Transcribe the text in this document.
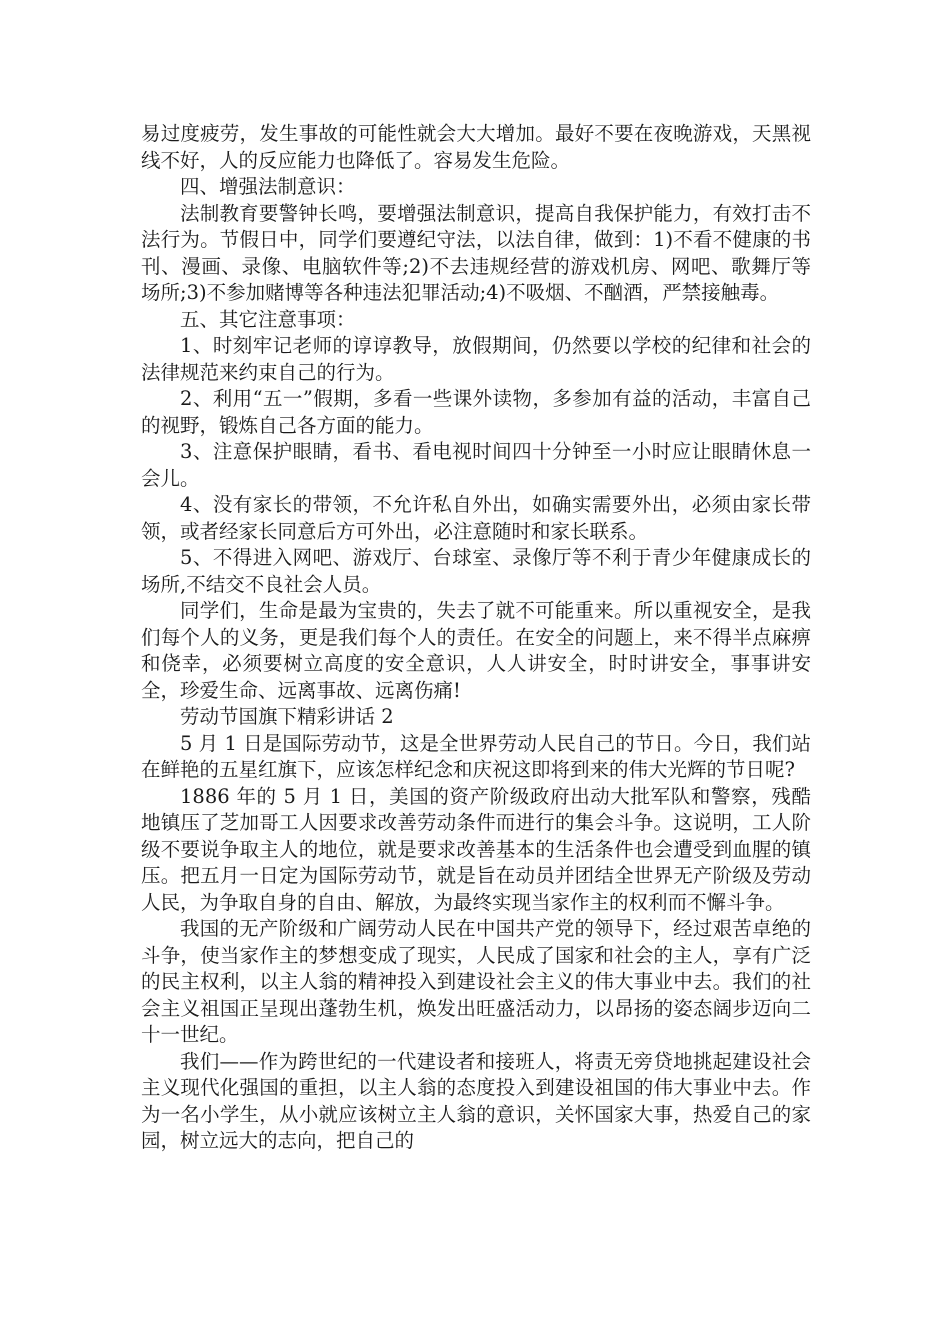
易过度疲劳，发生事故的可能性就会大大增加。最好不要在夜晚游戏，天黑视线不好，人的反应能力也降低了。容易发生危险。

四、增强法制意识：

法制教育要警钟长鸣，要增强法制意识，提高自我保护能力，有效打击不法行为。节假日中，同学们要遵纪守法，以法自律，做到：1)不看不健康的书刊、漫画、录像、电脑软件等;2)不去违规经营的游戏机房、网吧、歌舞厅等场所;3)不参加赌博等各种违法犯罪活动;4)不吸烟、不酗酒，严禁接触毒。

五、其它注意事项：

1、时刻牢记老师的谆谆教导，放假期间，仍然要以学校的纪律和社会的法律规范来约束自己的行为。

2、利用“五一”假期，多看一些课外读物，多参加有益的活动，丰富自己的视野，锻炼自己各方面的能力。

3、注意保护眼睛，看书、看电视时间四十分钟至一小时应让眼睛休息一会儿。

4、没有家长的带领，不允许私自外出，如确实需要外出，必须由家长带领，或者经家长同意后方可外出，必注意随时和家长联系。

5、不得进入网吧、游戏厅、台球室、录像厅等不利于青少年健康成长的场所,不结交不良社会人员。

同学们，生命是最为宝贵的，失去了就不可能重来。所以重视安全，是我们每个人的义务，更是我们每个人的责任。在安全的问题上，来不得半点麻痹和侥幸，必须要树立高度的安全意识，人人讲安全，时时讲安全，事事讲安全，珍爱生命、远离事故、远离伤痛!

劳动节国旗下精彩讲话 2

5 月 1 日是国际劳动节，这是全世界劳动人民自己的节日。今日，我们站在鲜艳的五星红旗下，应该怎样纪念和庆祝这即将到来的伟大光辉的节日呢?

1886 年的 5 月 1 日，美国的资产阶级政府出动大批军队和警察，残酷地镇压了芝加哥工人因要求改善劳动条件而进行的集会斗争。这说明，工人阶级不要说争取主人的地位，就是要求改善基本的生活条件也会遭受到血腥的镇压。把五月一日定为国际劳动节，就是旨在动员并团结全世界无产阶级及劳动人民，为争取自身的自由、解放，为最终实现当家作主的权利而不懈斗争。

我国的无产阶级和广阔劳动人民在中国共产党的领导下，经过艰苦卓绝的斗争，使当家作主的梦想变成了现实，人民成了国家和社会的主人，享有广泛的民主权利，以主人翁的精神投入到建设社会主义的伟大事业中去。我们的社会主义祖国正呈现出蓬勃生机，焕发出旺盛活动力，以昂扬的姿态阔步迈向二十一世纪。

我们——作为跨世纪的一代建设者和接班人，将责无旁贷地挑起建设社会主义现代化强国的重担，以主人翁的态度投入到建设祖国的伟大事业中去。作为一名小学生，从小就应该树立主人翁的意识，关怀国家大事，热爱自己的家园，树立远大的志向，把自己的
